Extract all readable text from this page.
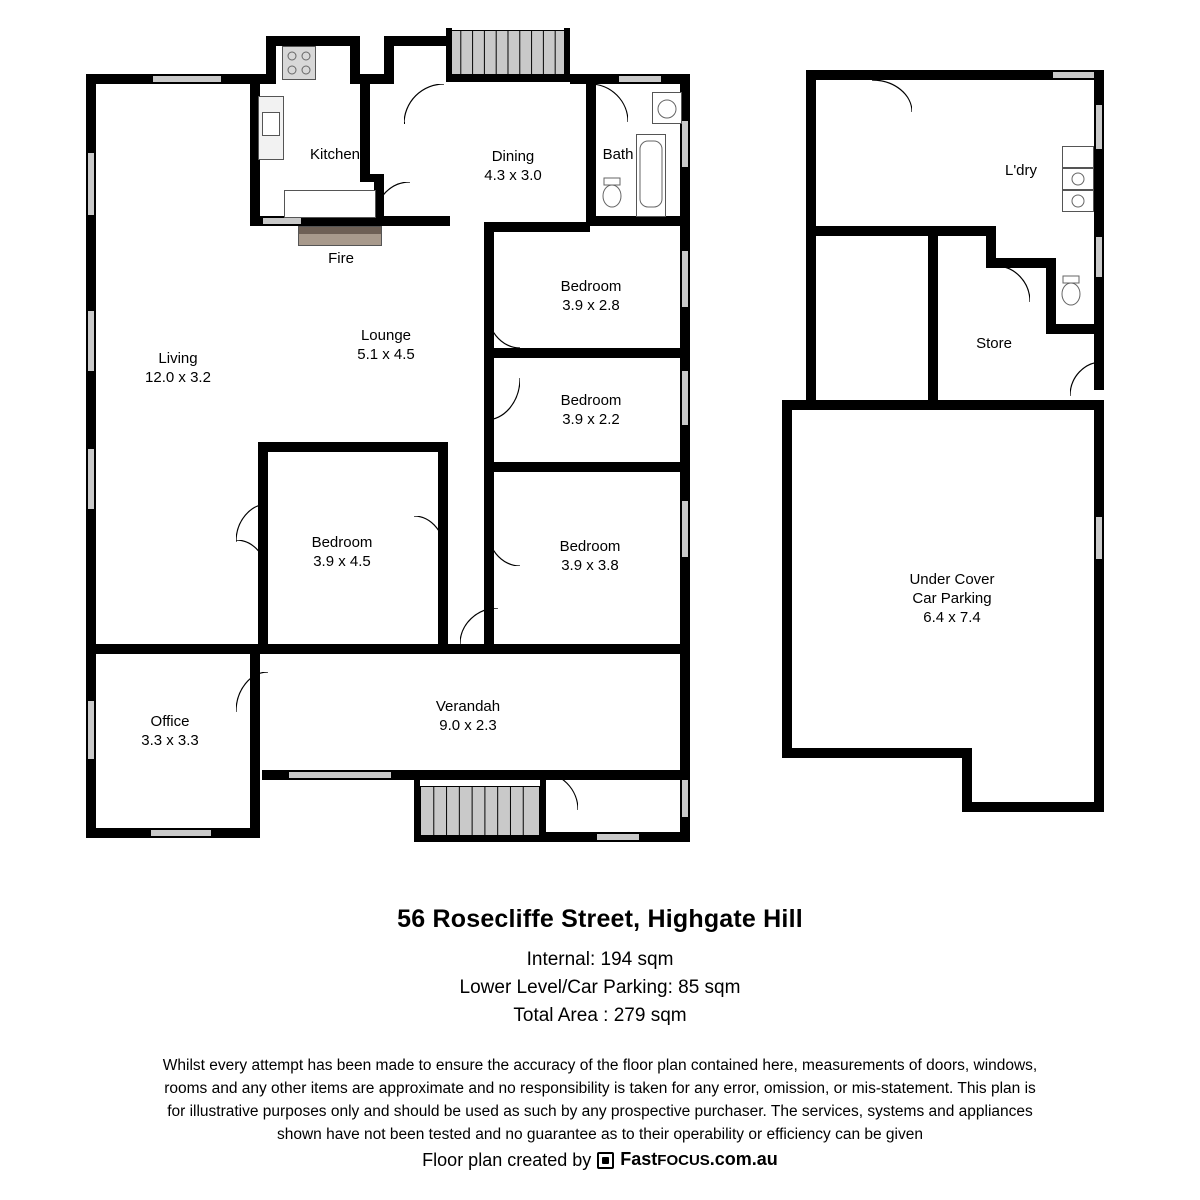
Kitchen	Dining
4.3 x 3.0
Bath
Fire
Lounge
5.1 x 4.5
Living
12.0 x 3.2
Bedroom
3.9 x 2.8
Bedroom
3.9 x 2.2
Bedroom
3.9 x 4.5
Bedroom
3.9 x 3.8
Office
3.3 x 3.3
Verandah
9.0 x 2.3
L'dry
Store
Under Cover
Car Parking
6.4 x 7.4
56 Rosecliffe Street, Highgate Hill
Internal: 194 sqm
Lower Level/Car Parking: 85 sqm
Total Area : 279 sqm
Whilst every attempt has been made to ensure the accuracy of the floor plan contained here, measurements of doors, windows, rooms and any other items are approximate and no responsibility is taken for any error, omission, or mis-statement. This plan is for illustrative purposes only and should be used as such by any prospective purchaser. The services, systems and appliances shown have not been tested and no guarantee as to their operability or efficiency can be given
Floor plan created by FastFOCUS.com.au
